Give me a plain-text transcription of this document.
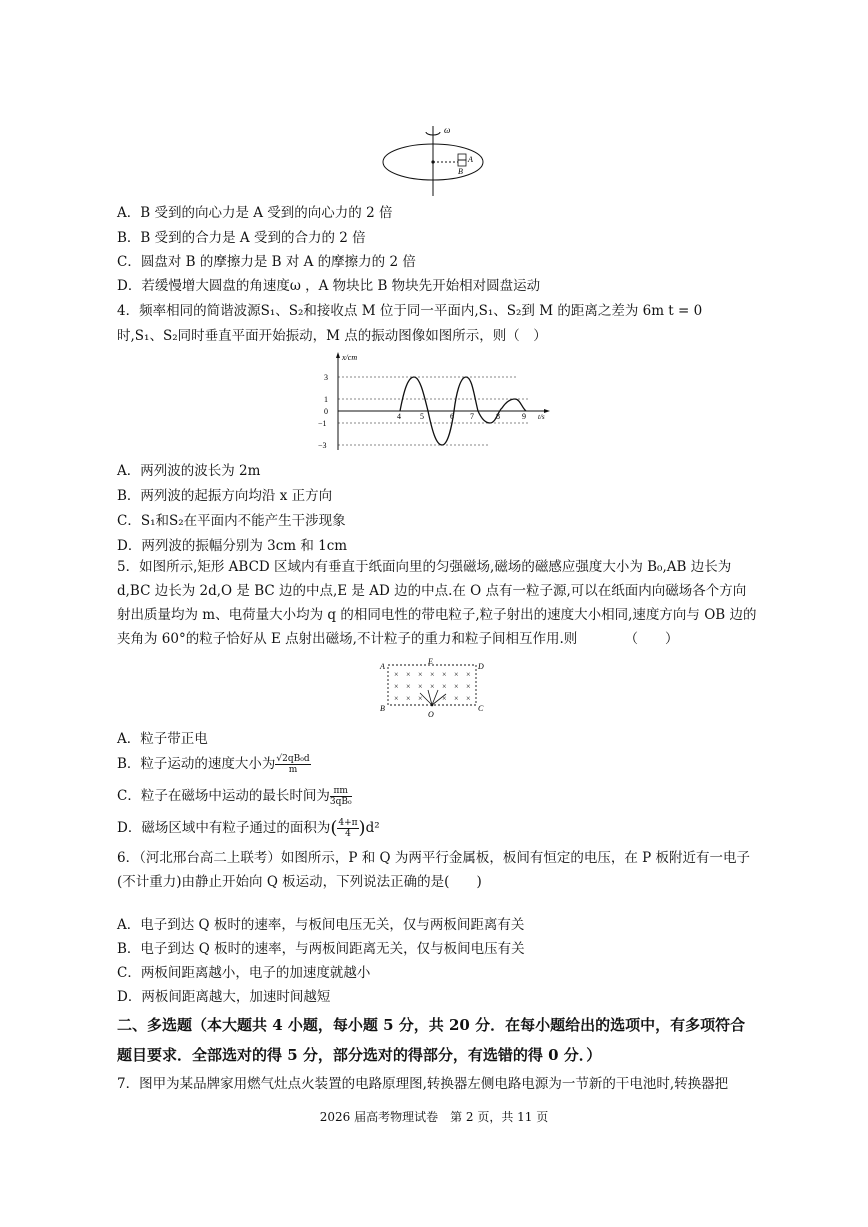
ω
A
B
A．B 受到的向心力是 A 受到的向心力的 2 倍
B．B 受到的合力是 A 受到的合力的 2 倍
C．圆盘对 B 的摩擦力是 B 对 A 的摩擦力的 2 倍
D．若缓慢增大圆盘的角速度ω ，A 物块比 B 物块先开始相对圆盘运动
4．频率相同的简谐波源S₁、S₂和接收点 M 位于同一平面内,S₁、S₂到 M 的距离之差为 6m t = 0
时,S₁、S₂同时垂直平面开始振动，M 点的振动图像如图所示，则（　）
x/cm
t/s
3
1
0
−1
−3
4 5	6 7	8	9
A．两列波的波长为 2m
B．两列波的起振方向均沿 x 正方向
C．S₁和S₂在平面内不能产生干涉现象
D．两列波的振幅分别为 3cm 和 1cm
5．如图所示,矩形 ABCD 区域内有垂直于纸面向里的匀强磁场,磁场的磁感应强度大小为 B₀,AB 边长为 d,BC 边长为 2d,O 是 BC 边的中点,E 是 AD 边的中点.在 O 点有一粒子源,可以在纸面内向磁场各个方向射出质量均为 m、电荷量大小均为 q 的相同电性的带电粒子,粒子射出的速度大小相同,速度方向与 OB 边的夹角为 60°的粒子恰好从 E 点射出磁场,不计粒子的重力和粒子间相互作用.则　　　　（　　）
A
E
D
B
O
C
× × × × × × ×
× × × × × × ×
× × × × × ×
A．粒子带正电
B．粒子运动的速度大小为 $\frac{\text{√2qB₀d}}{m}$
C．粒子在磁场中运动的最长时间为 $\frac{\pi m}{\text{3qB₀}}$
D．磁场区域中有粒子通过的面积为( $\frac{4+\pi}{4} )d^2$
6．（河北邢台高二上联考）如图所示，P 和 Q 为两平行金属板，板间有恒定的电压，在 P 板附近有一电子(不计重力)由静止开始向 Q 板运动，下列说法正确的是(　　)
A．电子到达 Q 板时的速率，与板间电压无关，仅与两板间距离有关
B．电子到达 Q 板时的速率，与两板间距离无关，仅与板间电压有关
C．两板间距离越小，电子的加速度就越小
D．两板间距离越大，加速时间越短
二、多选题（本大题共 4 小题，每小题 5 分，共 20 分．在每小题给出的选项中，有多项符合题目要求．全部选对的得 5 分，部分选对的得部分，有选错的得 0 分．）
7．图甲为某品牌家用燃气灶点火装置的电路原理图,转换器左侧电路电源为一节新的干电池时,转换器把
2026 届高考物理试卷　第 2 页，共 11 页
